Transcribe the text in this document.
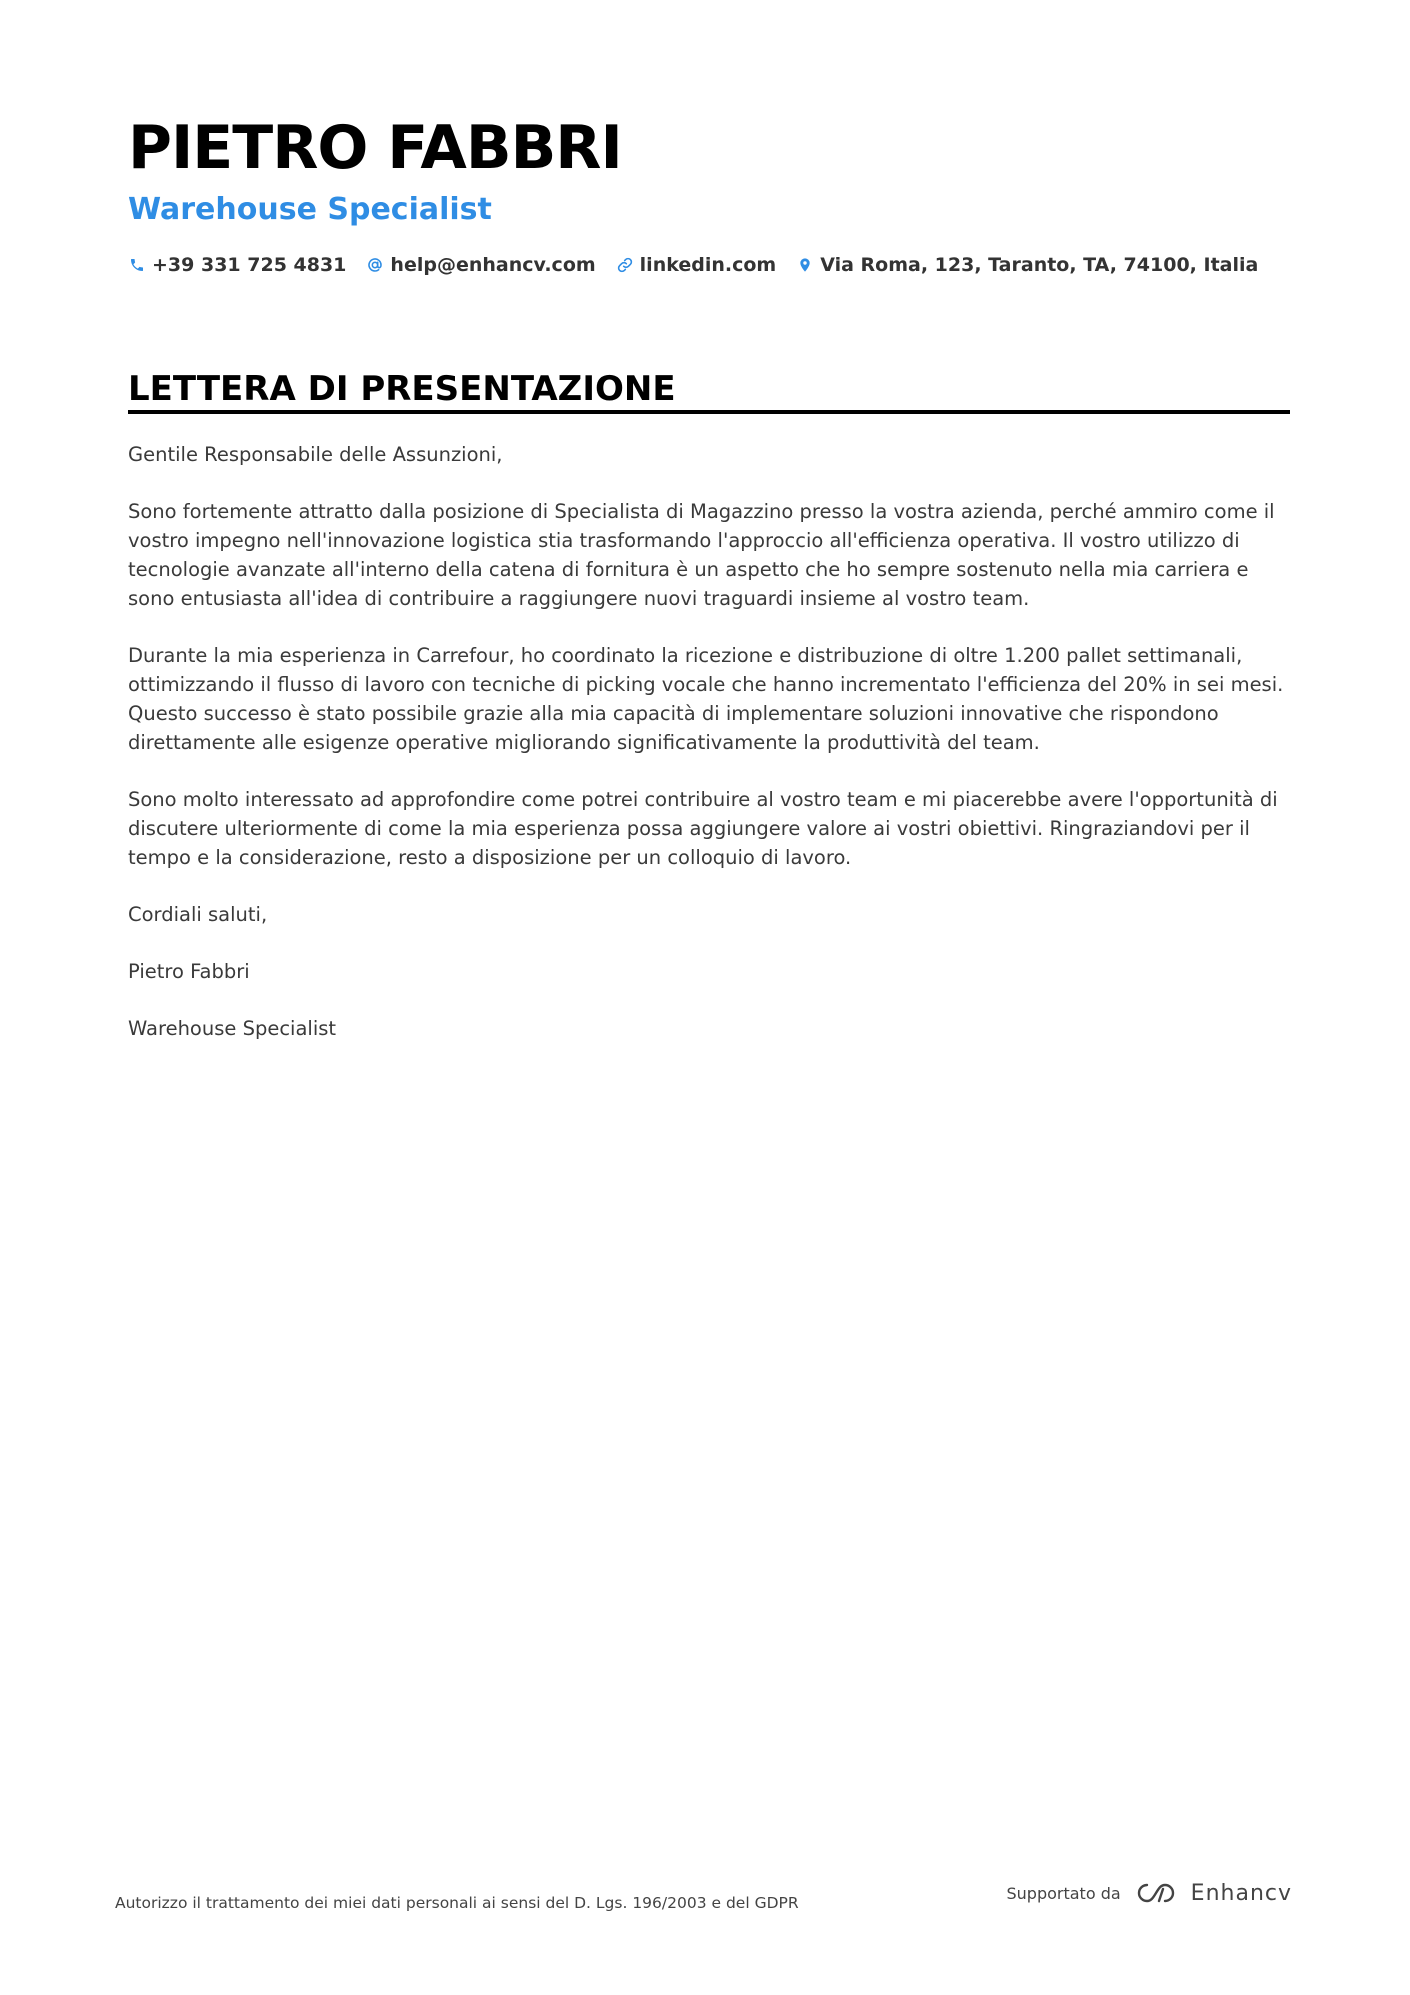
PIETRO FABBRI
Warehouse Specialist
+39 331 725 4831 help@enhancv.com linkedin.com Via Roma, 123, Taranto, TA, 74100, Italia
LETTERA DI PRESENTAZIONE

Gentile Responsabile delle Assunzioni,

Sono fortemente attratto dalla posizione di Specialista di Magazzino presso la vostra azienda, perché ammiro come il vostro impegno nell'innovazione logistica stia trasformando l'approccio all'efficienza operativa. Il vostro utilizzo di tecnologie avanzate all'interno della catena di fornitura è un aspetto che ho sempre sostenuto nella mia carriera e sono entusiasta all'idea di contribuire a raggiungere nuovi traguardi insieme al vostro team.

Durante la mia esperienza in Carrefour, ho coordinato la ricezione e distribuzione di oltre 1.200 pallet settimanali, ottimizzando il flusso di lavoro con tecniche di picking vocale che hanno incrementato l'efficienza del 20% in sei mesi. Questo successo è stato possibile grazie alla mia capacità di implementare soluzioni innovative che rispondono direttamente alle esigenze operative migliorando significativamente la produttività del team.

Sono molto interessato ad approfondire come potrei contribuire al vostro team e mi piacerebbe avere l'opportunità di discutere ulteriormente di come la mia esperienza possa aggiungere valore ai vostri obiettivi. Ringraziandovi per il tempo e la considerazione, resto a disposizione per un colloquio di lavoro.

Cordiali saluti,

Pietro Fabbri

Warehouse Specialist

Autorizzo il trattamento dei miei dati personali ai sensi del D. Lgs. 196/2003 e del GDPR
Supportato da	Enhancv
